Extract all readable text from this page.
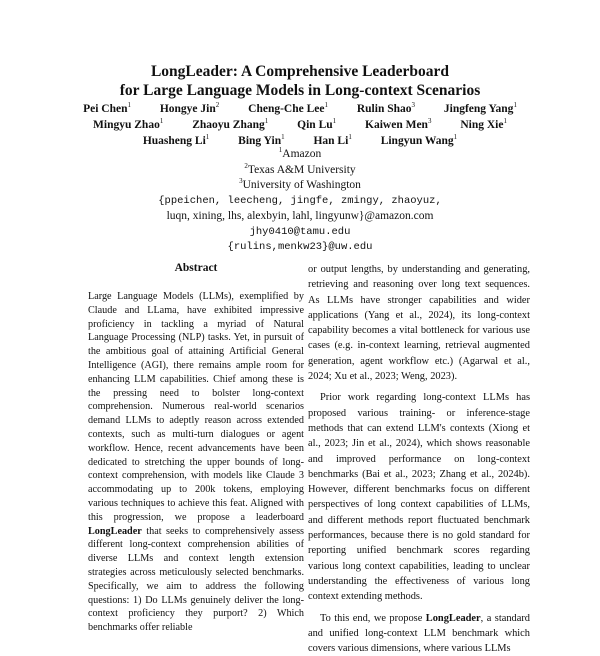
LongLeader: A Comprehensive Leaderboard
for Large Language Models in Long-context Scenarios
Pei Chen$^1$	Hongye Jin$^2$	Cheng-Che Lee$^1$	Rulin Shao$^3$	Jingfeng Yang$^1$
Mingyu Zhao$^1$	Zhaoyu Zhang$^1$	Qin Lu$^1$	Kaiwen Men$^3$	Ning Xie$^1$
Huasheng Li$^1$	Bing Yin$^1$	Han Li$^1$	Lingyun Wang$^1$
$^1$Amazon
$^2$Texas A&M University
$^3$University of Washington
{ppeichen, leecheng, jingfe, zmingy, zhaoyuz,
luqn, xining, lhs, alexbyin, lahl, lingyunw}@amazon.com
jhy0410@tamu.edu
{rulins,menkw23}@uw.edu
Abstract
Large Language Models (LLMs), exemplified by Claude and LLama, have exhibited impressive proficiency in tackling a myriad of Natural Language Processing (NLP) tasks. Yet, in pursuit of the ambitious goal of attaining Artificial General Intelligence (AGI), there remains ample room for enhancing LLM capabilities. Chief among these is the pressing need to bolster long-context comprehension. Numerous real-world scenarios demand LLMs to adeptly reason across extended contexts, such as multi-turn dialogues or agent workflow. Hence, recent advancements have been dedicated to stretching the upper bounds of long-context comprehension, with models like Claude 3 accommodating up to 200k tokens, employing various techniques to achieve this feat. Aligned with this progression, we propose a leaderboard LongLeader that seeks to comprehensively assess different long-context comprehension abilities of diverse LLMs and context length extension strategies across meticulously selected benchmarks. Specifically, we aim to address the following questions: 1) Do LLMs genuinely deliver the long-context proficiency they purport? 2) Which benchmarks offer reliable

or output lengths, by understanding and generating, retrieving and reasoning over long text sequences. As LLMs have stronger capabilities and wider applications (Yang et al., 2024), its long-context capability becomes a vital bottleneck for various use cases (e.g. in-context learning, retrieval augmented generation, agent workflow etc.) (Agarwal et al., 2024; Xu et al., 2023; Weng, 2023).

Prior work regarding long-context LLMs has proposed various training- or inference-stage methods that can extend LLM's contexts (Xiong et al., 2023; Jin et al., 2024), which shows reasonable and improved performance on long-context benchmarks (Bai et al., 2023; Zhang et al., 2024b). However, different benchmarks focus on different perspectives of long context capabilities of LLMs, and different methods report fluctuated benchmark performances, because there is no gold standard for reporting unified benchmark scores regarding various long context capabilities, leading to unclear understanding the effectiveness of various long context extending methods.

To this end, we propose LongLeader, a standard and unified long-context LLM benchmark which covers various dimensions, where various LLMs
